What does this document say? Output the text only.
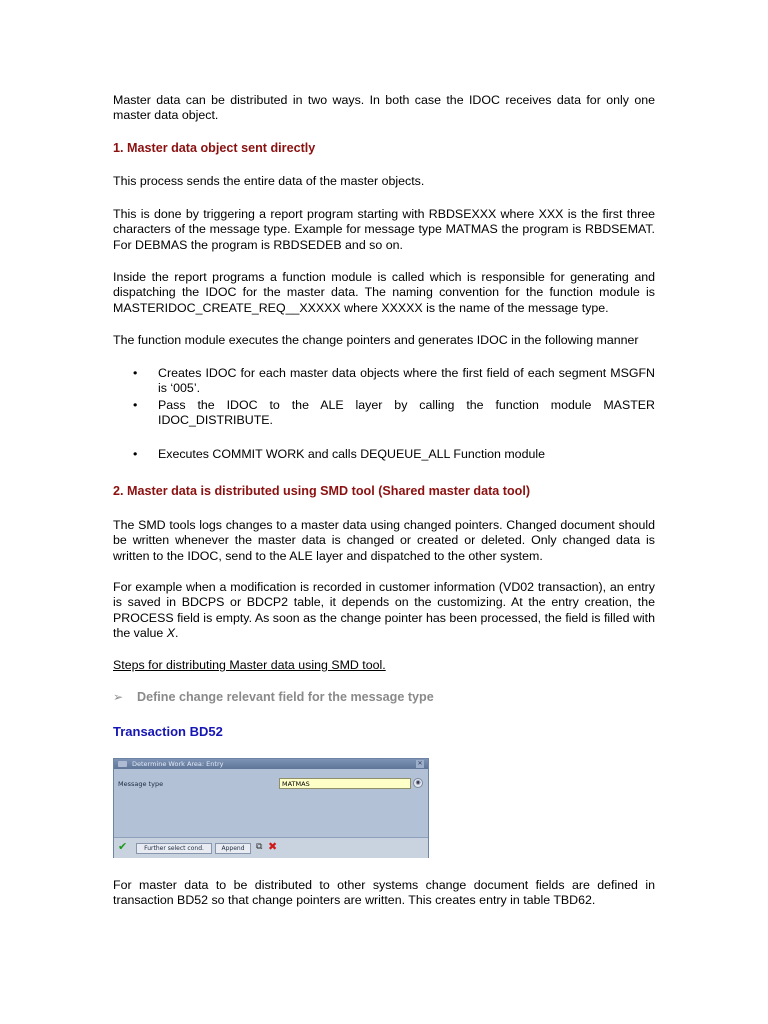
Master data can be distributed in two ways. In both case the IDOC receives data for only one master data object.

1. Master data object sent directly

This process sends the entire data of the master objects.

This is done by triggering a report program starting with RBDSEXXX where XXX is the first three characters of the message type. Example for message type MATMAS the program is RBDSEMAT. For DEBMAS the program is RBDSEDEB and so on.

Inside the report programs a function module is called which is responsible for generating and dispatching the IDOC for the master data. The naming convention for the function module is MASTERIDOC_CREATE_REQ__XXXXX where XXXXX is the name of the message type.

The function module executes the change pointers and generates IDOC in the following manner

• Creates IDOC for each master data objects where the first field of each segment MSGFN is ‘005’.
• Pass the IDOC to the ALE layer by calling the function module MASTER IDOC_DISTRIBUTE.
• Executes COMMIT WORK and calls DEQUEUE_ALL Function module

2. Master data is distributed using SMD tool (Shared master data tool)

The SMD tools logs changes to a master data using changed pointers. Changed document should be written whenever the master data is changed or created or deleted. Only changed data is written to the IDOC, send to the ALE layer and dispatched to the other system.

For example when a modification is recorded in customer information (VD02 transaction), an entry is saved in BDCPS or BDCP2 table, it depends on the customizing. At the entry creation, the PROCESS field is empty. As soon as the change pointer has been processed, the field is filled with the value X.

Steps for distributing Master data using SMD tool.

➢ Define change relevant field for the message type

Transaction BD52

Determine Work Area: Entry	✕
Message type	MATMAS	◉
✔	Further select cond.	Append	⧉ ✖

For master data to be distributed to other systems change document fields are defined in transaction BD52 so that change pointers are written. This creates entry in table TBD62.
